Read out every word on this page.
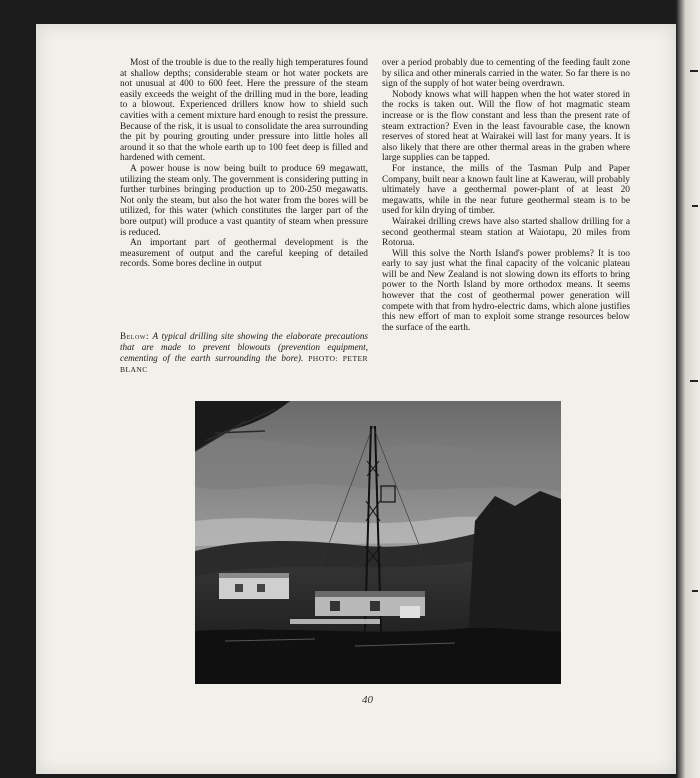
Most of the trouble is due to the really high temperatures found at shallow depths; considerable steam or hot water pockets are not unusual at 400 to 600 feet. Here the pressure of the steam easily exceeds the weight of the drilling mud in the bore, leading to a blowout. Experienced drillers know how to shield such cavities with a cement mixture hard enough to resist the pressure. Because of the risk, it is usual to consolidate the area surrounding the pit by pouring grouting under pressure into little holes all around it so that the whole earth up to 100 feet deep is filled and hardened with cement.

A power house is now being built to produce 69 megawatt, utilizing the steam only. The government is considering putting in further turbines bringing production up to 200-250 megawatts. Not only the steam, but also the hot water from the bores will be utilized, for this water (which constitutes the larger part of the bore output) will produce a vast quantity of steam when pressure is reduced.

An important part of geothermal development is the measurement of output and the careful keeping of detailed records. Some bores decline in output

Below: A typical drilling site showing the elaborate precautions that are made to prevent blowouts (prevention equipment, cementing of the earth surrounding the bore). PHOTO: PETER BLANC

over a period probably due to cementing of the feeding fault zone by silica and other minerals carried in the water. So far there is no sign of the supply of hot water being overdrawn.

Nobody knows what will happen when the hot water stored in the rocks is taken out. Will the flow of hot magmatic steam increase or is the flow constant and less than the present rate of steam extraction? Even in the least favourable case, the known reserves of stored heat at Wairakei will last for many years. It is also likely that there are other thermal areas in the graben where large supplies can be tapped.

For instance, the mills of the Tasman Pulp and Paper Company, built near a known fault line at Kawerau, will probably ultimately have a geothermal power-plant of at least 20 megawatts, while in the near future geothermal steam is to be used for kiln drying of timber.

Wairakei drilling crews have also started shallow drilling for a second geothermal steam station at Waiotapu, 20 miles from Rotorua.

Will this solve the North Island's power problems? It is too early to say just what the final capacity of the volcanic plateau will be and New Zealand is not slowing down its efforts to bring power to the North Island by more orthodox means. It seems however that the cost of geothermal power generation will compete with that from hydro-electric dams, which alone justifies this new effort of man to exploit some strange resources below the surface of the earth.

40
